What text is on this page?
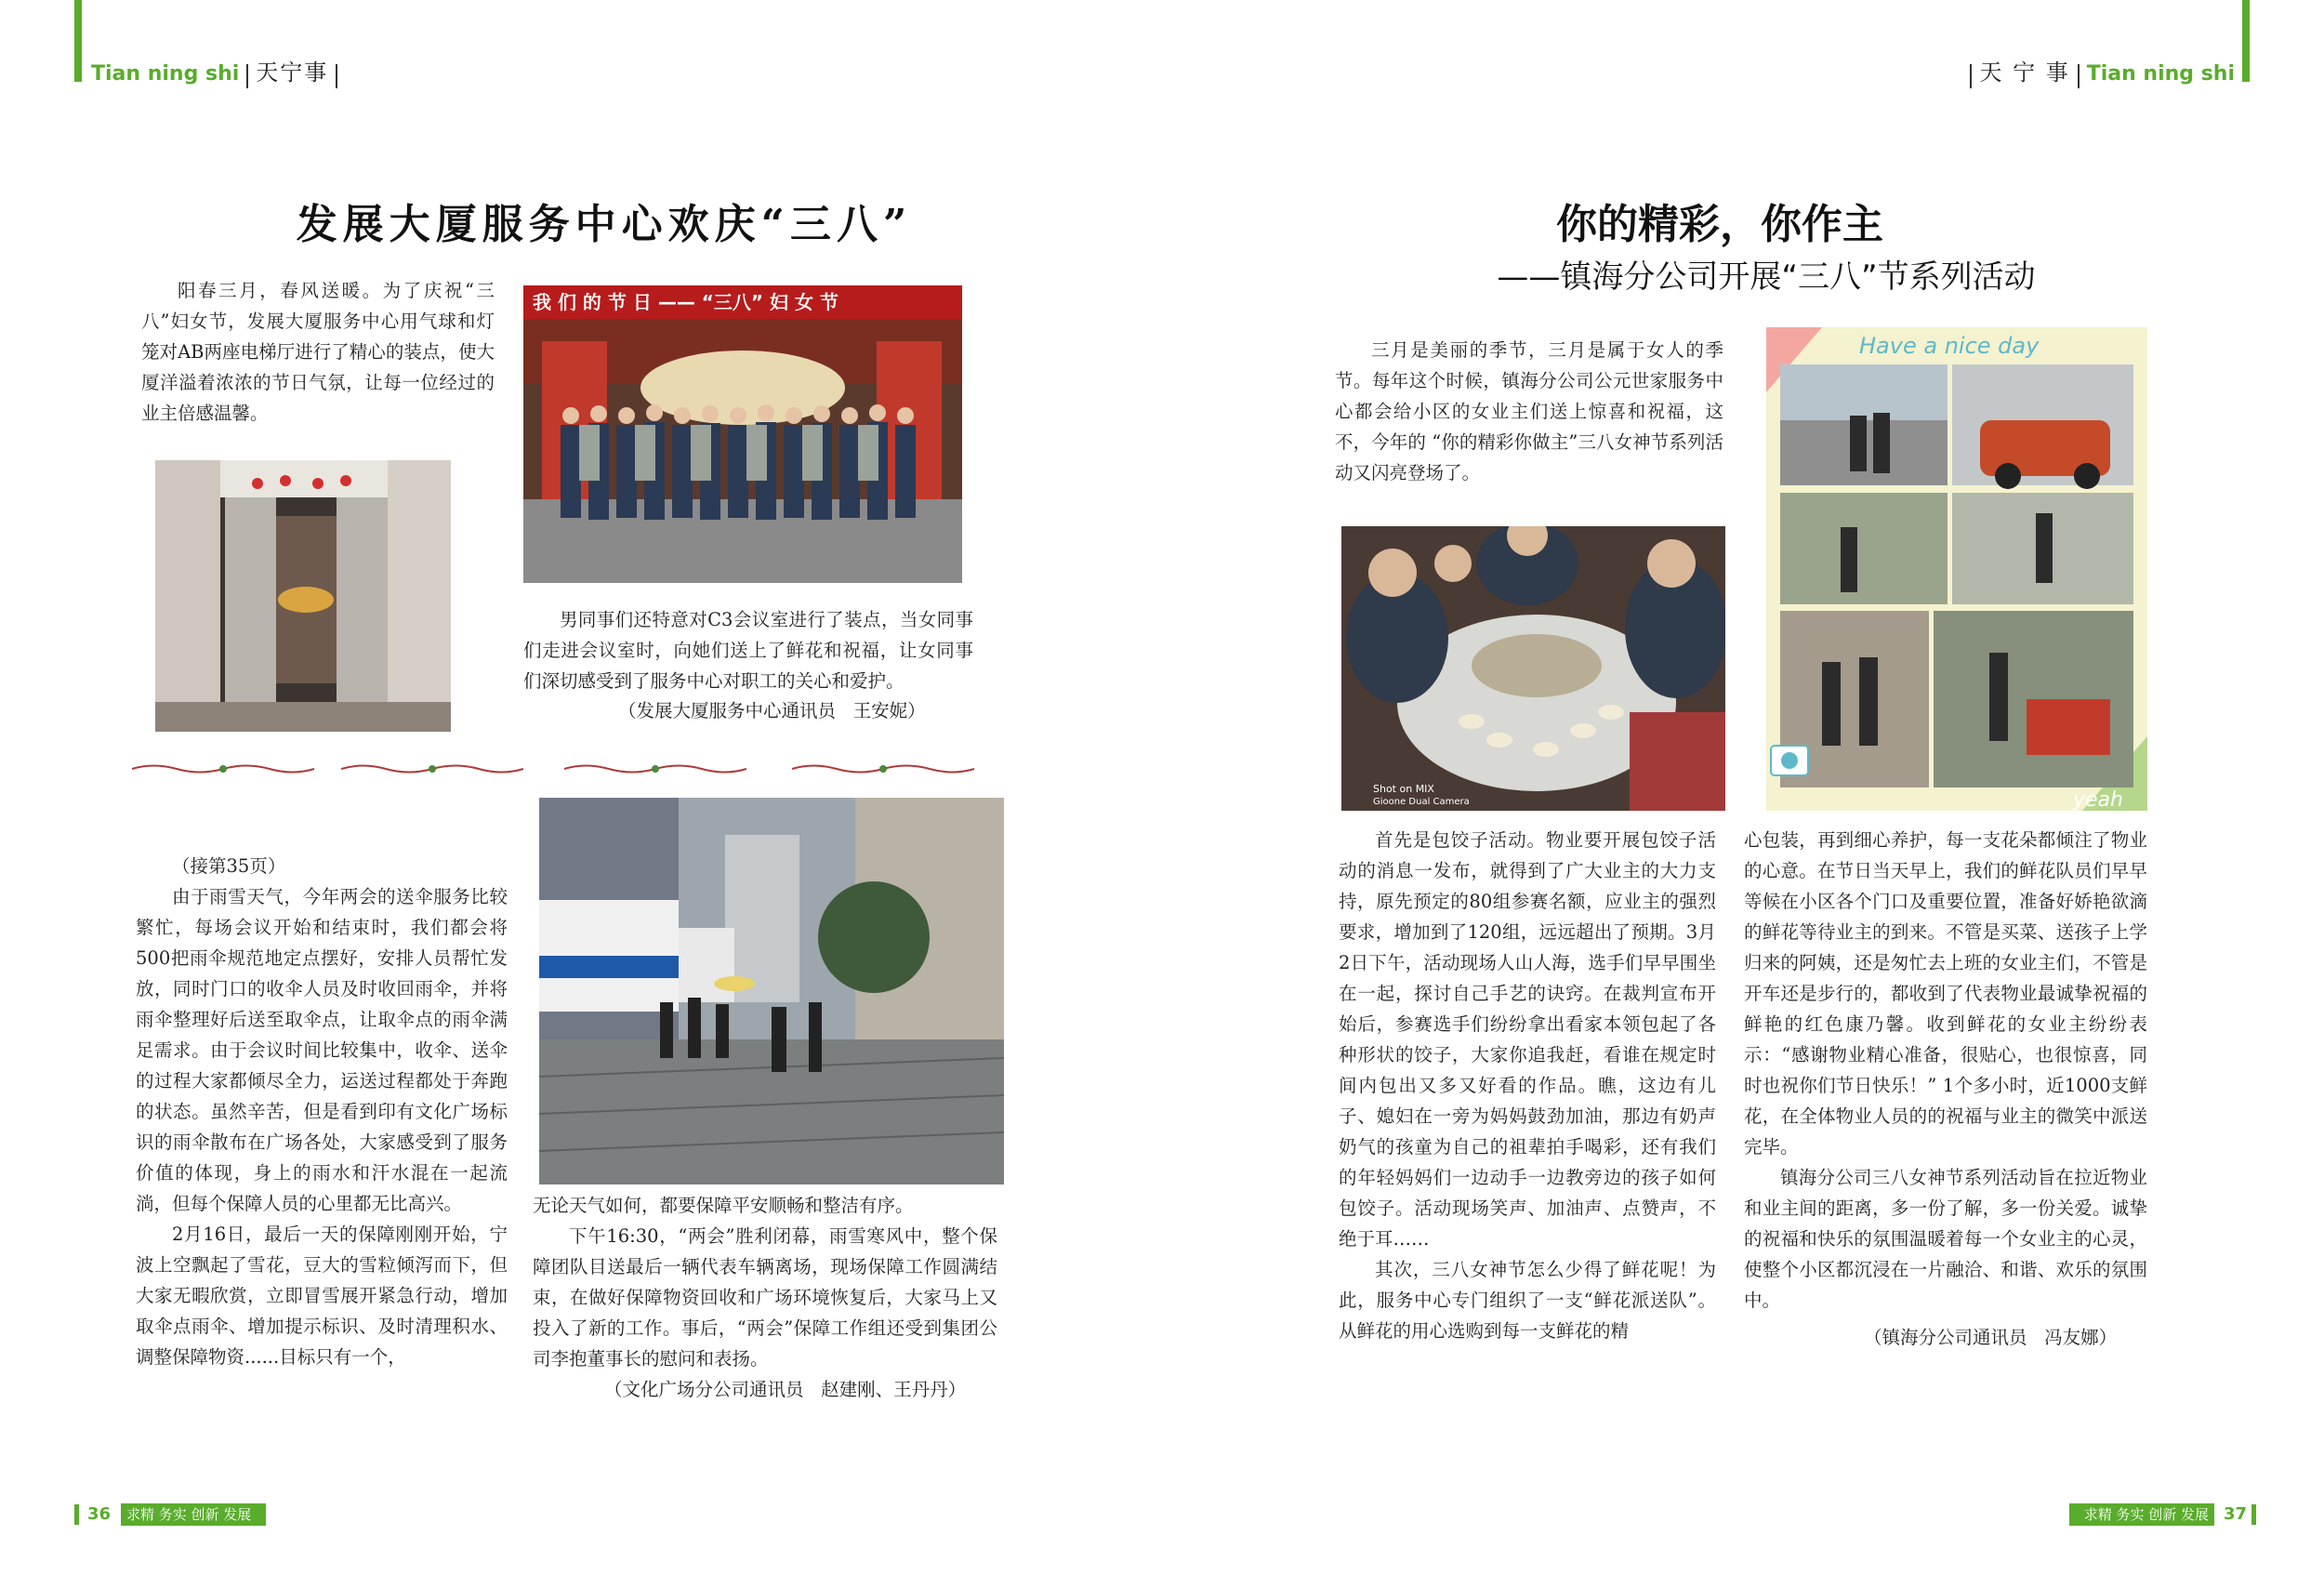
Tian ning shi 天宁事	天 宁 事 Tian ning shi
发展大厦服务中心欢庆“三八”

阳春三月，春风送暖。为了庆祝“三八”妇女节，发展大厦服务中心用气球和灯笼对AB两座电梯厅进行了精心的装点，使大厦洋溢着浓浓的节日气氛，让每一位经过的业主倍感温馨。

我 们 的 节 日 —— “三八” 妇 女 节

男同事们还特意对C3会议室进行了装点，当女同事们走进会议室时，向她们送上了鲜花和祝福，让女同事们深切感受到了服务中心对职工的关心和爱护。

（发展大厦服务中心通讯员 王安妮）
（接第35页）

由于雨雪天气，今年两会的送伞服务比较繁忙，每场会议开始和结束时，我们都会将500把雨伞规范地定点摆好，安排人员帮忙发放，同时门口的收伞人员及时收回雨伞，并将雨伞整理好后送至取伞点，让取伞点的雨伞满足需求。由于会议时间比较集中，收伞、送伞的过程大家都倾尽全力，运送过程都处于奔跑的状态。虽然辛苦，但是看到印有文化广场标识的雨伞散布在广场各处，大家感受到了服务价值的体现，身上的雨水和汗水混在一起流淌，但每个保障人员的心里都无比高兴。

2月16日，最后一天的保障刚刚开始，宁波上空飘起了雪花，豆大的雪粒倾泻而下，但大家无暇欣赏，立即冒雪展开紧急行动，增加取伞点雨伞、增加提示标识、及时清理积水、调整保障物资......目标只有一个，

无论天气如何，都要保障平安顺畅和整洁有序。

下午16:30，“两会”胜利闭幕，雨雪寒风中，整个保障团队目送最后一辆代表车辆离场，现场保障工作圆满结束，在做好保障物资回收和广场环境恢复后，大家马上又投入了新的工作。事后，“两会”保障工作组还受到集团公司李抱董事长的慰问和表扬。

（文化广场分公司通讯员 赵建刚、王丹丹）
36	求精 务实 创新 发展
你的精彩，你作主
——镇海分公司开展“三八”节系列活动

三月是美丽的季节，三月是属于女人的季节。每年这个时候，镇海分公司公元世家服务中心都会给小区的女业主们送上惊喜和祝福，这不，今年的 “你的精彩你做主”三八女神节系列活动又闪亮登场了。

Shot on MIX
Gioone Dual Camera
Have a nice day
yeah

首先是包饺子活动。物业要开展包饺子活动的消息一发布，就得到了广大业主的大力支持，原先预定的80组参赛名额，应业主的强烈要求，增加到了120组，远远超出了预期。3月2日下午，活动现场人山人海，选手们早早围坐在一起，探讨自己手艺的诀窍。在裁判宣布开始后，参赛选手们纷纷拿出看家本领包起了各种形状的饺子，大家你追我赶，看谁在规定时间内包出又多又好看的作品。瞧，这边有儿子、媳妇在一旁为妈妈鼓劲加油，那边有奶声奶气的孩童为自己的祖辈拍手喝彩，还有我们的年轻妈妈们一边动手一边教旁边的孩子如何包饺子。活动现场笑声、加油声、点赞声，不绝于耳……

其次，三八女神节怎么少得了鲜花呢！为此，服务中心专门组织了一支“鲜花派送队”。从鲜花的用心选购到每一支鲜花的精

心包装，再到细心养护，每一支花朵都倾注了物业的心意。在节日当天早上，我们的鲜花队员们早早等候在小区各个门口及重要位置，准备好娇艳欲滴的鲜花等待业主的到来。不管是买菜、送孩子上学归来的阿姨，还是匆忙去上班的女业主们，不管是开车还是步行的，都收到了代表物业最诚挚祝福的鲜艳的红色康乃馨。收到鲜花的女业主纷纷表示：“感谢物业精心准备，很贴心，也很惊喜，同时也祝你们节日快乐！” 1个多小时，近1000支鲜花，在全体物业人员的的祝福与业主的微笑中派送完毕。

镇海分公司三八女神节系列活动旨在拉近物业和业主间的距离，多一份了解，多一份关爱。诚挚的祝福和快乐的氛围温暖着每一个女业主的心灵，使整个小区都沉浸在一片融洽、和谐、欢乐的氛围中。

（镇海分公司通讯员 冯友娜）
求精 务实 创新 发展 37
